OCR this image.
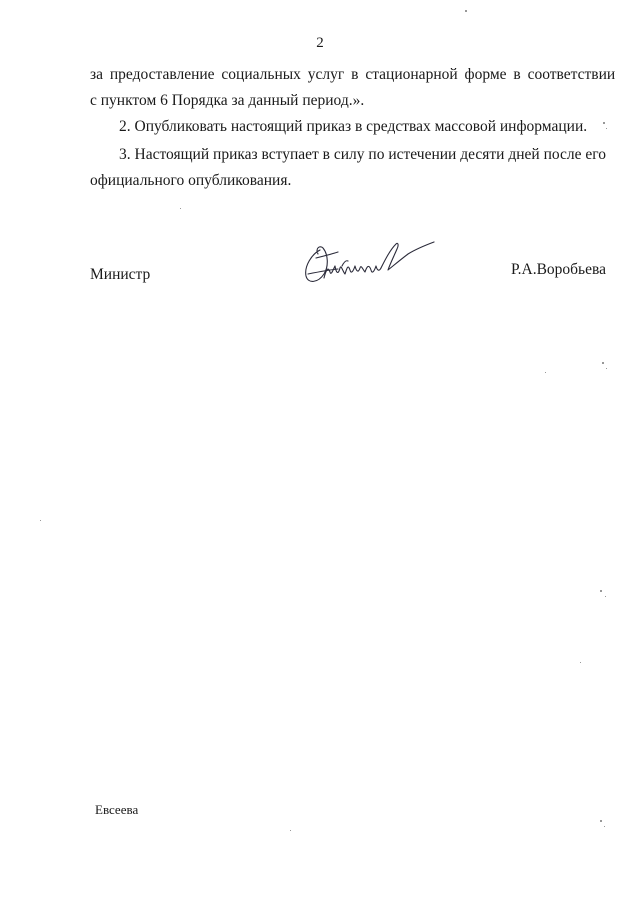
2
за предоставление социальных услуг в стационарной форме в соответствии
с пунктом 6 Порядка за данный период.».
2. Опубликовать настоящий приказ в средствах массовой информации.
3. Настоящий приказ вступает в силу по истечении десяти дней после его
официального опубликования.
Министр	Р.А.Воробьева
Евсеева
